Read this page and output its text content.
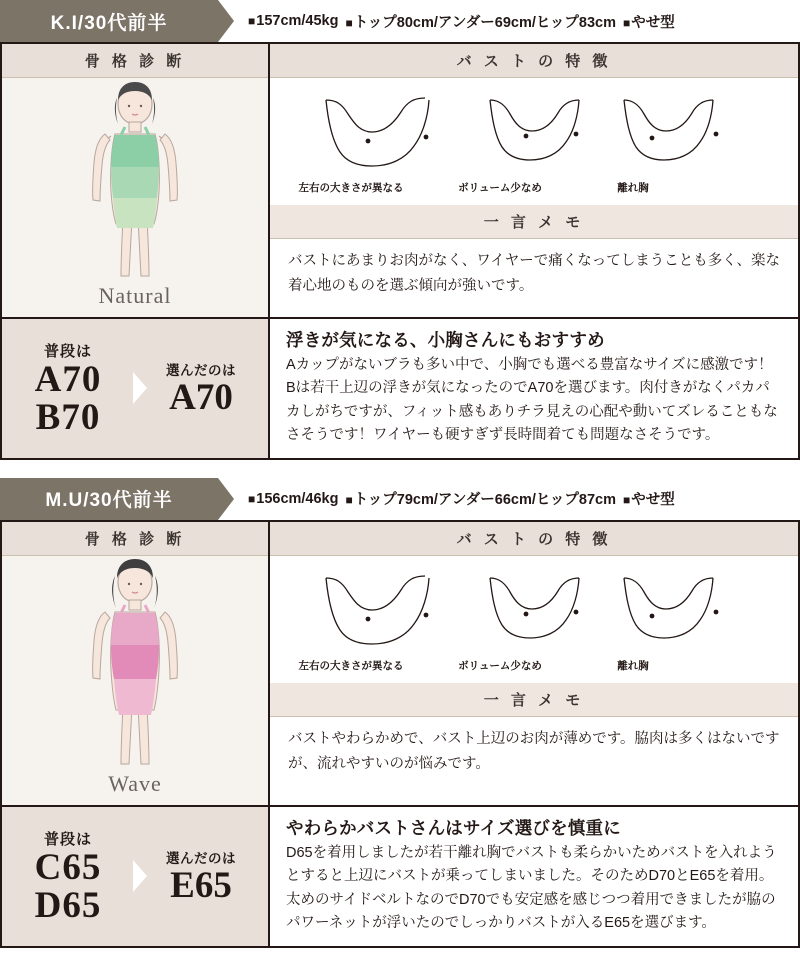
K.I/30代前半	■157cm/45kg ■トップ80cm/アンダー69cm/ヒップ83cm ■やせ型
骨 格 診 断
Natural
バ ス ト の 特 徴
左右の大きさが異なる	ボリューム少なめ	離れ胸
一 言 メ モ
バストにあまりお肉がなく、ワイヤーで痛くなってしまうことも多く、楽な着心地のものを選ぶ傾向が強いです。
普段は
A70
B70
選んだのは
A70
浮きが気になる、小胸さんにもおすすめ
Aカップがないブラも多い中で、小胸でも選べる豊富なサイズに感激です！Bは若干上辺の浮きが気になったのでA70を選びます。肉付きがなくパカパカしがちですが、フィット感もありチラ見えの心配や動いてズレることもなさそうです！ワイヤーも硬すぎず長時間着ても問題なさそうです。
M.U/30代前半	■156cm/46kg ■トップ79cm/アンダー66cm/ヒップ87cm ■やせ型
骨 格 診 断
Wave
バ ス ト の 特 徴
左右の大きさが異なる	ボリューム少なめ	離れ胸
一 言 メ モ
バストやわらかめで、バスト上辺のお肉が薄めです。脇肉は多くはないですが、流れやすいのが悩みです。
普段は
C65
D65
選んだのは
E65
やわらかバストさんはサイズ選びを慎重に
D65を着用しましたが若干離れ胸でバストも柔らかいためバストを入れようとすると上辺にバストが乗ってしまいました。そのためD70とE65を着用。太めのサイドベルトなのでD70でも安定感を感じつつ着用できましたが脇のパワーネットが浮いたのでしっかりバストが入るE65を選びます。
